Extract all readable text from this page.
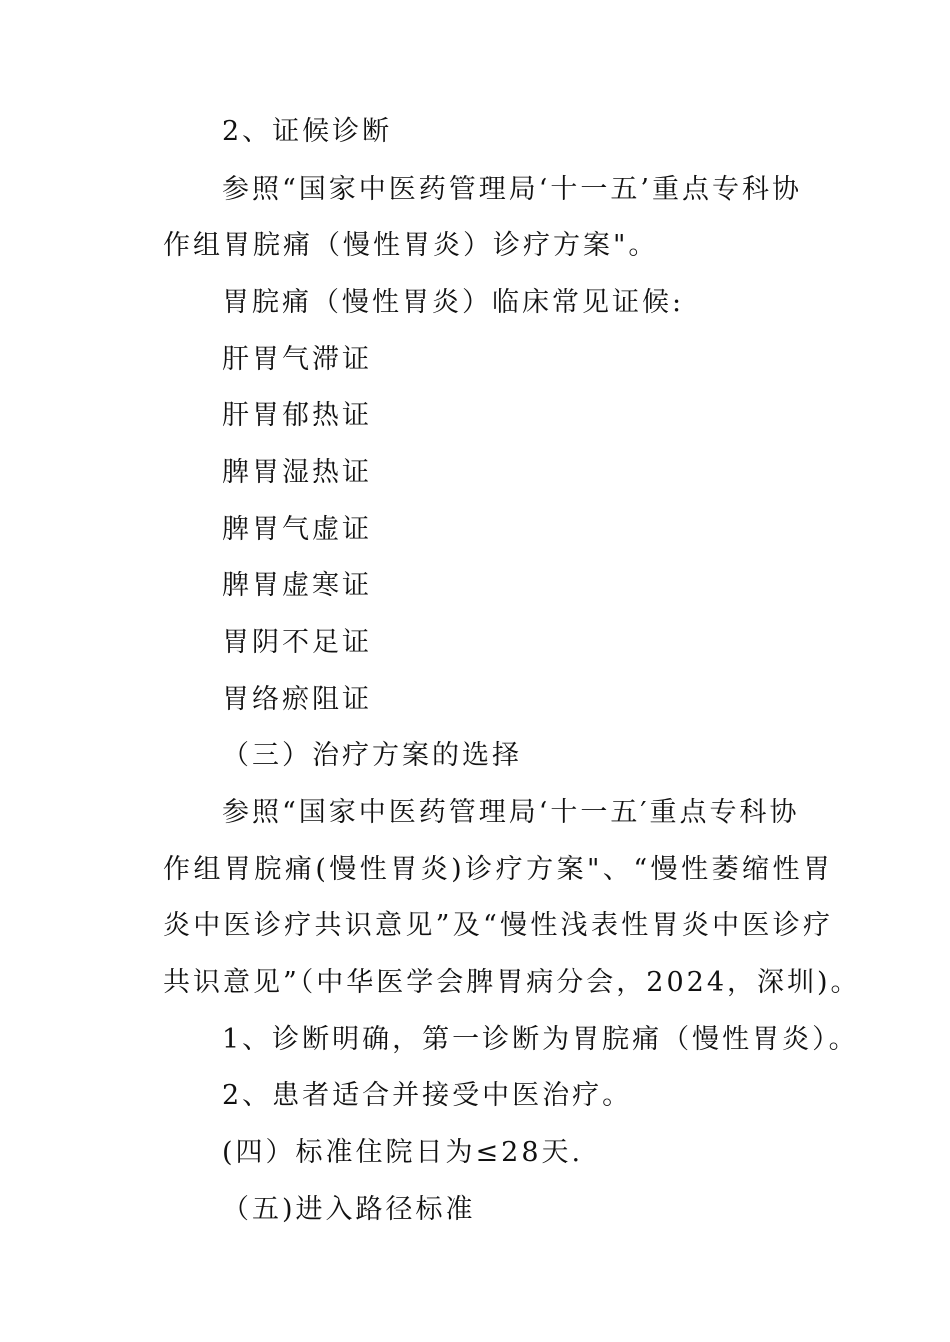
2、证候诊断

参照“国家中医药管理局‘十一五’重点专科协

作组胃脘痛（慢性胃炎）诊疗方案"。

胃脘痛（慢性胃炎）临床常见证候:

肝胃气滞证

肝胃郁热证

脾胃湿热证

脾胃气虚证

脾胃虚寒证

胃阴不足证

胃络瘀阻证

（三）治疗方案的选择

参照“国家中医药管理局‘十一五′重点专科协

作组胃脘痛(慢性胃炎)诊疗方案"、“慢性萎缩性胃

炎中医诊疗共识意见”及“慢性浅表性胃炎中医诊疗

共识意见”（中华医学会脾胃病分会，2024，深圳)。

1、诊断明确，第一诊断为胃脘痛（慢性胃炎）。

2、患者适合并接受中医治疗。

(四）标准住院日为≤28天.

（五)进入路径标准
